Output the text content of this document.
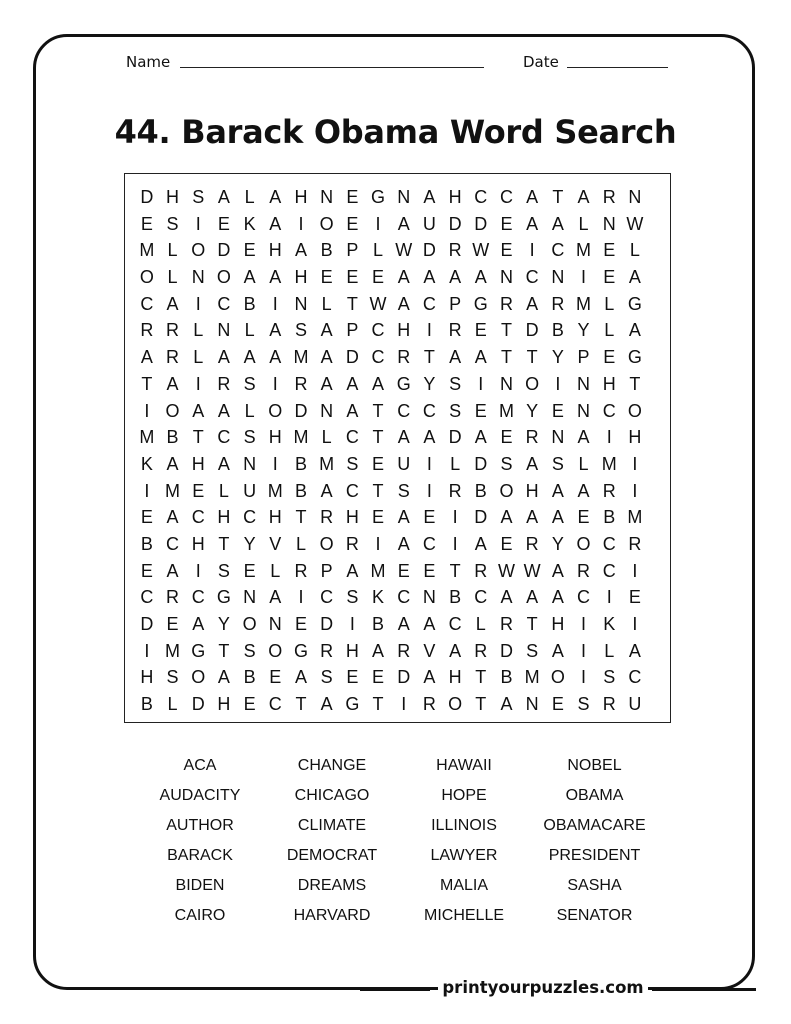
Name	Date
44. Barack Obama Word Search
D H S A L A H N E G N A H C C A T A R N
E S I E K A I O E I A U D D E A A L N W
M L O D E H A B P L W D R W E I C M E L
O L N O A A H E E E A A A A N C N I E A
C A I C B I N L T W A C P G R A R M L G
R R L N L A S A P C H I R E T D B Y L A
A R L A A A M A D C R T A A T T Y P E G
T A I R S I R A A A G Y S I N O I N H T
I O A A L O D N A T C C S E M Y E N C O
M B T C S H M L C T A A D A E R N A I H
K A H A N I B M S E U I	L D S A S L M I
I M E L U M B A C T S I R B O H A A R I
E A C H C H T R H E A E I D A A A E B M
B C H T Y V L O R I A C I A E R Y O C R
E A I S E L R P A M E E T R W W A R C I
C R C G N A I C S K C N B C A A A C I E
D E A Y O N E D I B A A C L R T H I K I
I M G T S O G R H A R V A R D S A I	L A
H S O A B E A S E E D A H T B M O I S C
B L D H E C T A G T I R O T A N E S R U
ACA	CHANGE	HAWAII	NOBEL
AUDACITY	CHICAGO	HOPE	OBAMA
AUTHOR	CLIMATE	ILLINOIS	OBAMACARE
BARACK	DEMOCRAT	LAWYER	PRESIDENT
BIDEN	DREAMS	MALIA	SASHA
CAIRO	HARVARD	MICHELLE	SENATOR
printyourpuzzles.com
